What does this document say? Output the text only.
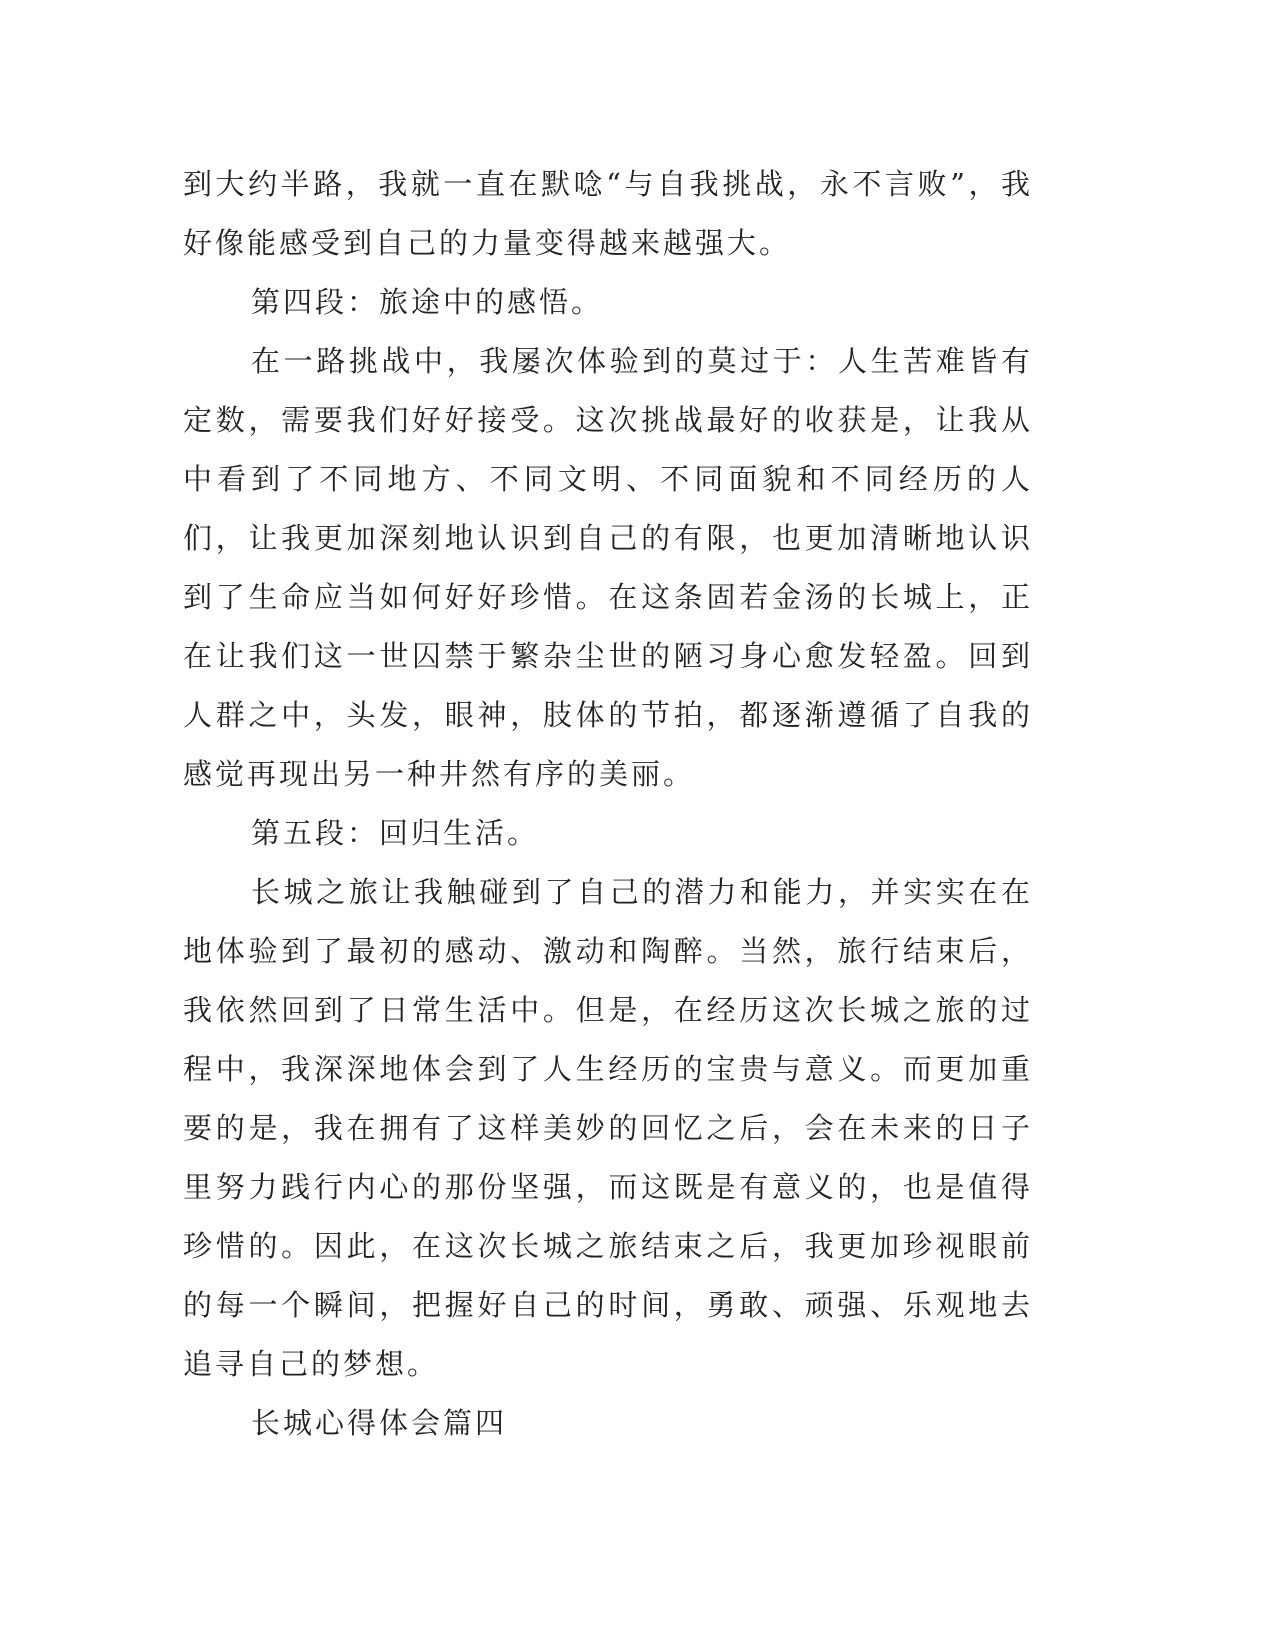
到大约半路，我就一直在默唸“与自我挑战，永不言败”，我好像能感受到自己的力量变得越来越强大。

第四段：旅途中的感悟。

在一路挑战中，我屡次体验到的莫过于：人生苦难皆有定数，需要我们好好接受。这次挑战最好的收获是，让我从中看到了不同地方、不同文明、不同面貌和不同经历的人们，让我更加深刻地认识到自己的有限，也更加清晰地认识到了生命应当如何好好珍惜。在这条固若金汤的长城上，正在让我们这一世囚禁于繁杂尘世的陋习身心愈发轻盈。回到人群之中，头发，眼神，肢体的节拍，都逐渐遵循了自我的感觉再现出另一种井然有序的美丽。

第五段：回归生活。

长城之旅让我触碰到了自己的潜力和能力，并实实在在地体验到了最初的感动、激动和陶醉。当然，旅行结束后，我依然回到了日常生活中。但是，在经历这次长城之旅的过程中，我深深地体会到了人生经历的宝贵与意义。而更加重要的是，我在拥有了这样美妙的回忆之后，会在未来的日子里努力践行内心的那份坚强，而这既是有意义的，也是值得珍惜的。因此，在这次长城之旅结束之后，我更加珍视眼前的每一个瞬间，把握好自己的时间，勇敢、顽强、乐观地去追寻自己的梦想。

长城心得体会篇四
